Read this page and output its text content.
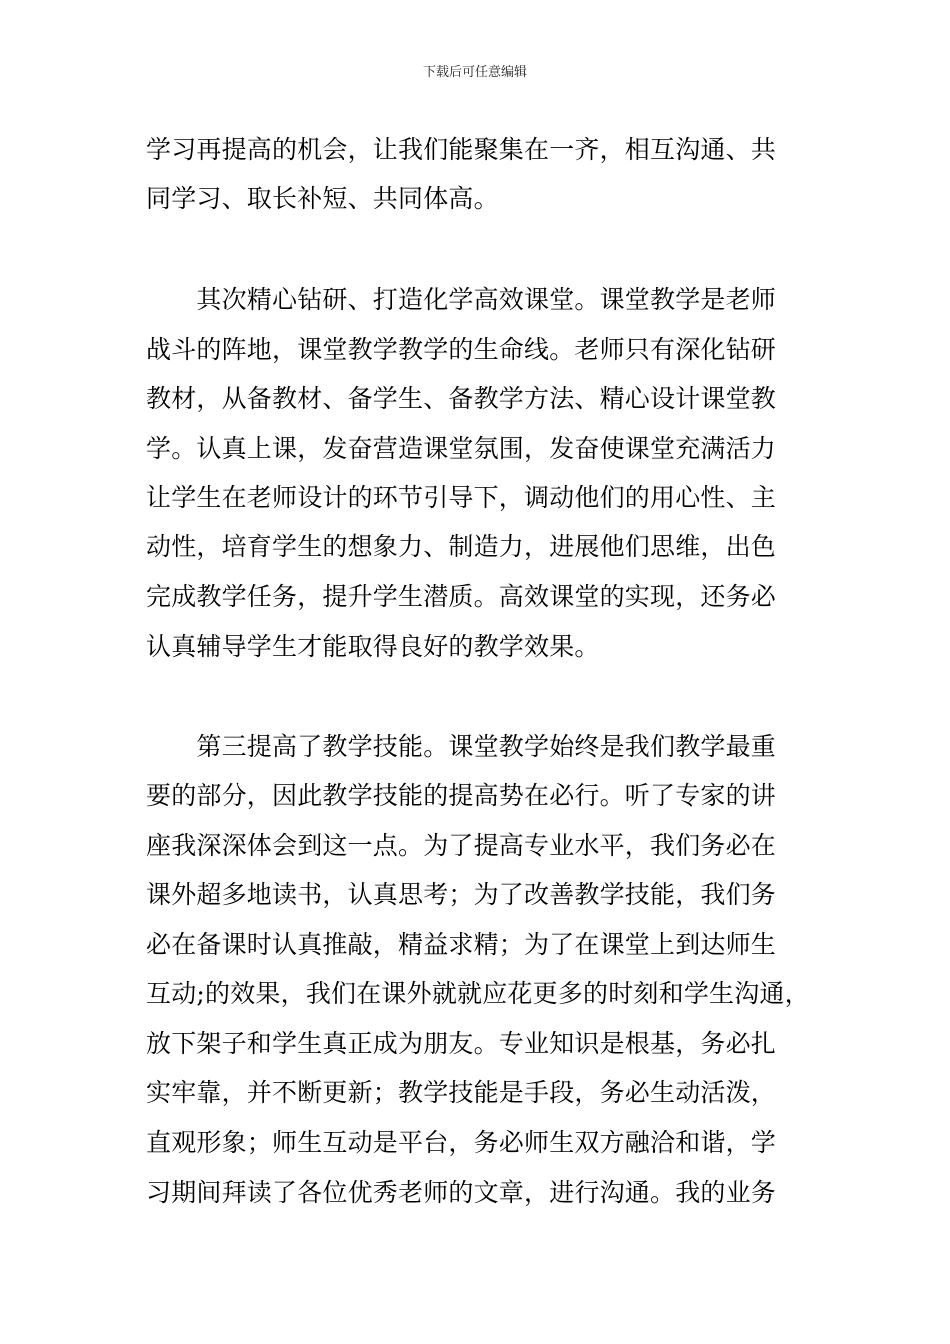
下载后可任意编辑
学习再提高的机会，让我们能聚集在一齐，相互沟通、共
同学习、取长补短、共同体高。
　　其次精心钻研、打造化学高效课堂。课堂教学是老师
战斗的阵地，课堂教学教学的生命线。老师只有深化钻研
教材，从备教材、备学生、备教学方法、精心设计课堂教
学。认真上课，发奋营造课堂氛围，发奋使课堂充满活力
让学生在老师设计的环节引导下，调动他们的用心性、主
动性，培育学生的想象力、制造力，进展他们思维，出色
完成教学任务，提升学生潜质。高效课堂的实现，还务必
认真辅导学生才能取得良好的教学效果。
　　第三提高了教学技能。课堂教学始终是我们教学最重
要的部分，因此教学技能的提高势在必行。听了专家的讲
座我深深体会到这一点。为了提高专业水平，我们务必在
课外超多地读书，认真思考；为了改善教学技能，我们务
必在备课时认真推敲，精益求精；为了在课堂上到达师生
互动;的效果，我们在课外就就应花更多的时刻和学生沟通，
放下架子和学生真正成为朋友。专业知识是根基，务必扎
实牢靠，并不断更新；教学技能是手段，务必生动活泼，
直观形象；师生互动是平台，务必师生双方融洽和谐，学
习期间拜读了各位优秀老师的文章，进行沟通。我的业务
